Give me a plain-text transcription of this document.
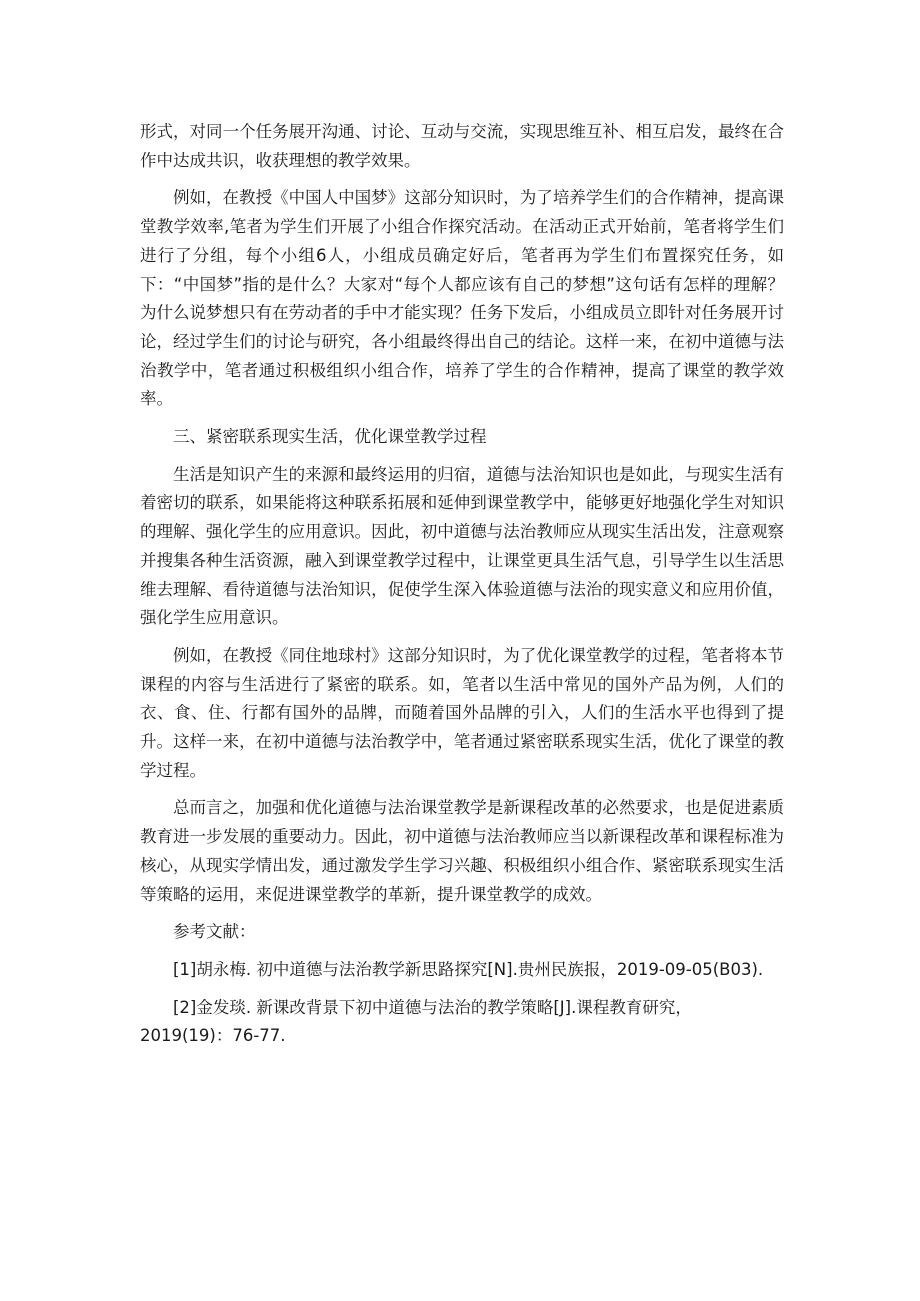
形式，对同一个任务展开沟通、讨论、互动与交流，实现思维互补、相互启发，最终在合作中达成共识，收获理想的教学效果。

例如，在教授《中国人中国梦》这部分知识时，为了培养学生们的合作精神，提高课堂教学效率,笔者为学生们开展了小组合作探究活动。在活动正式开始前，笔者将学生们进行了分组，每个小组6人，小组成员确定好后，笔者再为学生们布置探究任务，如下：“中国梦”指的是什么？大家对“每个人都应该有自己的梦想”这句话有怎样的理解？为什么说梦想只有在劳动者的手中才能实现？任务下发后，小组成员立即针对任务展开讨论，经过学生们的讨论与研究，各小组最终得出自己的结论。这样一来，在初中道德与法治教学中，笔者通过积极组织小组合作，培养了学生的合作精神，提高了课堂的教学效率。

三、紧密联系现实生活，优化课堂教学过程

生活是知识产生的来源和最终运用的归宿，道德与法治知识也是如此，与现实生活有着密切的联系，如果能将这种联系拓展和延伸到课堂教学中，能够更好地强化学生对知识的理解、强化学生的应用意识。因此，初中道德与法治教师应从现实生活出发，注意观察并搜集各种生活资源，融入到课堂教学过程中，让课堂更具生活气息，引导学生以生活思维去理解、看待道德与法治知识，促使学生深入体验道德与法治的现实意义和应用价值，强化学生应用意识。

例如，在教授《同住地球村》这部分知识时，为了优化课堂教学的过程，笔者将本节课程的内容与生活进行了紧密的联系。如，笔者以生活中常见的国外产品为例，人们的衣、食、住、行都有国外的品牌，而随着国外品牌的引入，人们的生活水平也得到了提升。这样一来，在初中道德与法治教学中，笔者通过紧密联系现实生活，优化了课堂的教学过程。

总而言之，加强和优化道德与法治课堂教学是新课程改革的必然要求，也是促进素质教育进一步发展的重要动力。因此，初中道德与法治教师应当以新课程改革和课程标准为核心，从现实学情出发，通过激发学生学习兴趣、积极组织小组合作、紧密联系现实生活等策略的运用，来促进课堂教学的革新，提升课堂教学的成效。

参考文献：

[1]胡永梅. 初中道德与法治教学新思路探究[N].贵州民族报，2019-09-05(B03).

[2]金发琰. 新课改背景下初中道德与法治的教学策略[J].课程教育研究，2019(19)：76-77.
